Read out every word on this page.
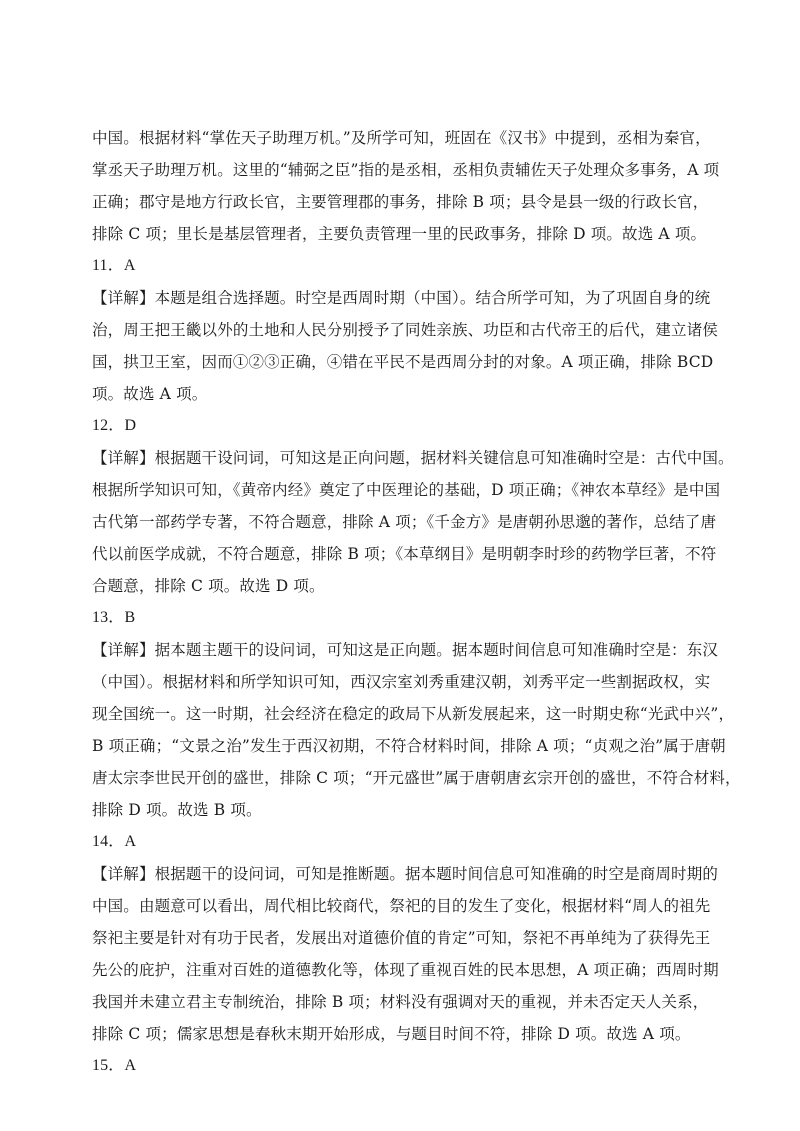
中国。根据材料“掌佐天子助理万机。”及所学可知，班固在《汉书》中提到，丞相为秦官，
掌丞天子助理万机。这里的“辅弼之臣”指的是丞相，丞相负责辅佐天子处理众多事务，A 项
正确；郡守是地方行政长官，主要管理郡的事务，排除 B 项；县令是县一级的行政长官，
排除 C 项；里长是基层管理者，主要负责管理一里的民政事务，排除 D 项。故选 A 项。
11．A
【详解】本题是组合选择题。时空是西周时期（中国）。结合所学可知，为了巩固自身的统
治，周王把王畿以外的土地和人民分别授予了同姓亲族、功臣和古代帝王的后代，建立诸侯
国，拱卫王室，因而①②③正确，④错在平民不是西周分封的对象。A 项正确，排除 BCD
项。故选 A 项。
12．D
【详解】根据题干设问词，可知这是正向问题，据材料关键信息可知准确时空是：古代中国。
根据所学知识可知，《黄帝内经》奠定了中医理论的基础，D 项正确；《神农本草经》是中国
古代第一部药学专著，不符合题意，排除 A 项；《千金方》是唐朝孙思邈的著作，总结了唐
代以前医学成就，不符合题意，排除 B 项；《本草纲目》是明朝李时珍的药物学巨著，不符
合题意，排除 C 项。故选 D 项。
13．B
【详解】据本题主题干的设问词，可知这是正向题。据本题时间信息可知准确时空是：东汉
（中国）。根据材料和所学知识可知，西汉宗室刘秀重建汉朝，刘秀平定一些割据政权，实
现全国统一。这一时期，社会经济在稳定的政局下从新发展起来，这一时期史称“光武中兴”，
B 项正确；“文景之治”发生于西汉初期，不符合材料时间，排除 A 项；“贞观之治”属于唐朝
唐太宗李世民开创的盛世，排除 C 项；“开元盛世”属于唐朝唐玄宗开创的盛世，不符合材料，
排除 D 项。故选 B 项。
14．A
【详解】根据题干的设问词，可知是推断题。据本题时间信息可知准确的时空是商周时期的
中国。由题意可以看出，周代相比较商代，祭祀的目的发生了变化，根据材料“周人的祖先
祭祀主要是针对有功于民者，发展出对道德价值的肯定”可知，祭祀不再单纯为了获得先王
先公的庇护，注重对百姓的道德教化等，体现了重视百姓的民本思想，A 项正确；西周时期
我国并未建立君主专制统治，排除 B 项；材料没有强调对天的重视，并未否定天人关系，
排除 C 项；儒家思想是春秋末期开始形成，与题目时间不符，排除 D 项。故选 A 项。
15．A
